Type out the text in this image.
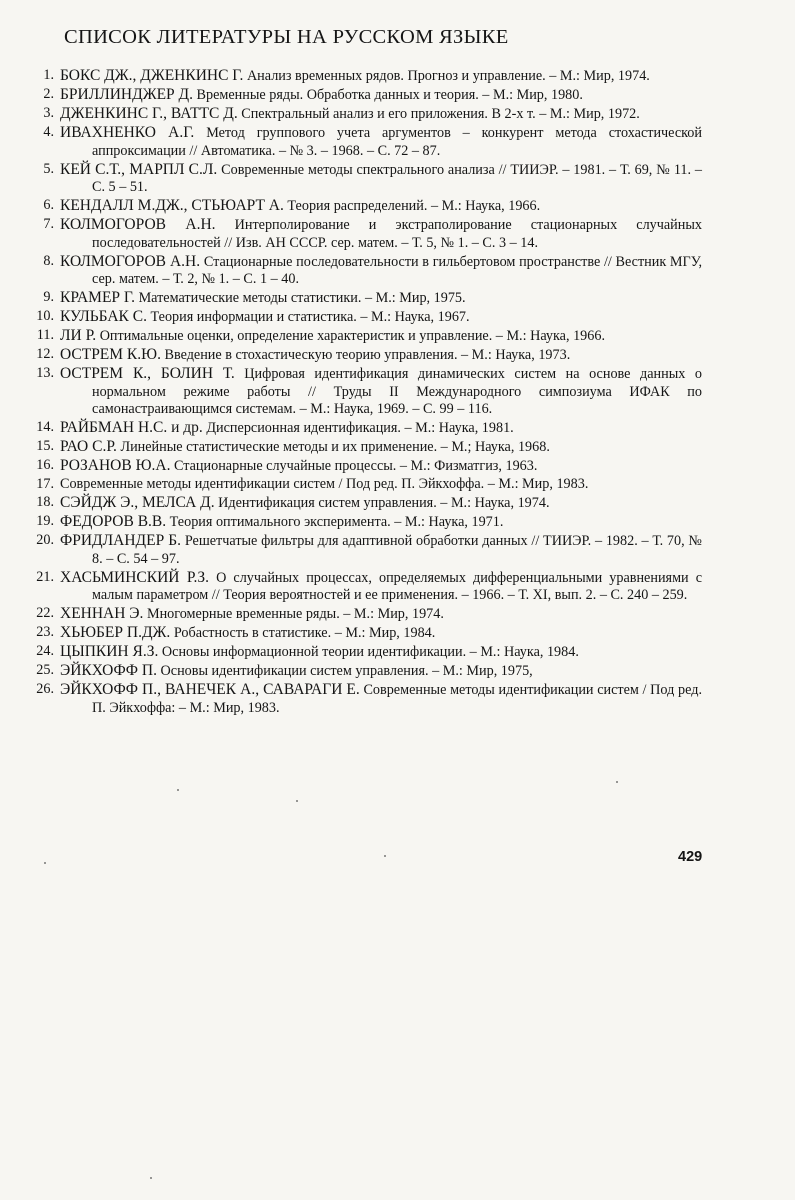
СПИСОК ЛИТЕРАТУРЫ НА РУССКОМ ЯЗЫКЕ
1. БОКС ДЖ., ДЖЕНКИНС Г. Анализ временных рядов. Прогноз и управление. – М.: Мир, 1974.
2. БРИЛЛИНДЖЕР Д. Временные ряды. Обработка данных и теория. – М.: Мир, 1980.
3. ДЖЕНКИНС Г., ВАТТС Д. Спектральный анализ и его приложения. В 2-х т. – М.: Мир, 1972.
4. ИВАХНЕНКО А.Г. Метод группового учета аргументов – конкурент метода стохастической аппроксимации // Автоматика. – № 3. – 1968. – С. 72 – 87.
5. КЕЙ С.Т., МАРПЛ С.Л. Современные методы спектрального анализа // ТИИЭР. – 1981. – Т. 69, № 11. – С. 5 – 51.
6. КЕНДАЛЛ М.ДЖ., СТЬЮАРТ А. Теория распределений. – М.: Наука, 1966.
7. КОЛМОГОРОВ А.Н. Интерполирование и экстраполирование стационарных случайных последовательностей // Изв. АН СССР. сер. матем. – Т. 5, № 1. – С. 3 – 14.
8. КОЛМОГОРОВ А.Н. Стационарные последовательности в гильбертовом пространстве // Вестник МГУ, сер. матем. – Т. 2, № 1. – С. 1 – 40.
9. КРАМЕР Г. Математические методы статистики. – М.: Мир, 1975.
10. КУЛЬБАК С. Теория информации и статистика. – М.: Наука, 1967.
11. ЛИ Р. Оптимальные оценки, определение характеристик и управление. – М.: Наука, 1966.
12. ОСТРЕМ К.Ю. Введение в стохастическую теорию управления. – М.: Наука, 1973.
13. ОСТРЕМ К., БОЛИН Т. Цифровая идентификация динамических систем на основе данных о нормальном режиме работы // Труды II Международного симпозиума ИФАК по самонастраивающимся системам. – М.: Наука, 1969. – С. 99 – 116.
14. РАЙБМАН Н.С. и др. Дисперсионная идентификация. – М.: Наука, 1981.
15. РАО С.Р. Линейные статистические методы и их применение. – М.; Наука, 1968.
16. РОЗАНОВ Ю.А. Стационарные случайные процессы. – М.: Физматгиз, 1963.
17. Современные методы идентификации систем / Под ред. П. Эйкхоффа. – М.: Мир, 1983.
18. СЭЙДЖ Э., МЕЛСА Д. Идентификация систем управления. – М.: Наука, 1974.
19. ФЕДОРОВ В.В. Теория оптимального эксперимента. – М.: Наука, 1971.
20. ФРИДЛАНДЕР Б. Решетчатые фильтры для адаптивной обработки данных // ТИИЭР. – 1982. – Т. 70, № 8. – С. 54 – 97.
21. ХАСЬМИНСКИЙ Р.З. О случайных процессах, определяемых дифференциальными уравнениями с малым параметром // Теория вероятностей и ее применения. – 1966. – Т. XI, вып. 2. – С. 240 – 259.
22. ХЕННАН Э. Многомерные временные ряды. – М.: Мир, 1974.
23. ХЬЮБЕР П.ДЖ. Робастность в статистике. – М.: Мир, 1984.
24. ЦЫПКИН Я.З. Основы информационной теории идентификации. – М.: Наука, 1984.
25. ЭЙКХОФФ П. Основы идентификации систем управления. – М.: Мир, 1975,
26. ЭЙКХОФФ П., ВАНЕЧЕК А., САВАРАГИ Е. Современные методы идентификации систем / Под ред. П. Эйкхоффа: – М.: Мир, 1983.
429
